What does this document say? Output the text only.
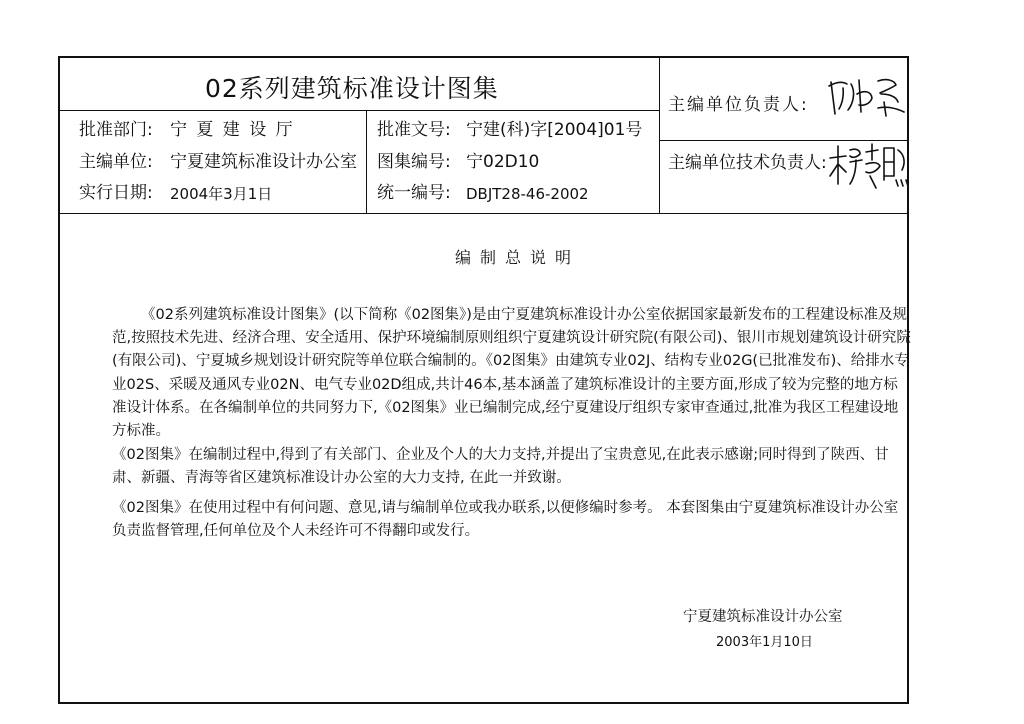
02系列建筑标准设计图集
批准部门: 宁 夏 建 设 厅
主编单位: 宁夏建筑标准设计办公室
实行日期: 2004年3月1日
批准文号: 宁建(科)字[2004]01号
图集编号: 宁02D10
统一编号: DBJT28-46-2002
主编单位负责人:
主编单位技术负责人:
编制总说明

《02系列建筑标准设计图集》(以下简称《02图集》)是由宁夏建筑标准设计办公室依据国家最新发布的工程建设标准及规范,按照技术先进、经济合理、安全适用、保护环境编制原则组织宁夏建筑设计研究院(有限公司)、银川市规划建筑设计研究院(有限公司)、宁夏城乡规划设计研究院等单位联合编制的。《02图集》由建筑专业02J、结构专业02G(已批准发布)、给排水专业02S、采暖及通风专业02N、电气专业02D组成,共计46本,基本涵盖了建筑标准设计的主要方面,形成了较为完整的地方标准设计体系。在各编制单位的共同努力下,《02图集》业已编制完成,经宁夏建设厅组织专家审查通过,批准为我区工程建设地方标准。

《02图集》在编制过程中,得到了有关部门、企业及个人的大力支持,并提出了宝贵意见,在此表示感谢;同时得到了陕西、甘肃、新疆、青海等省区建筑标准设计办公室的大力支持, 在此一并致谢。

《02图集》在使用过程中有何问题、意见,请与编制单位或我办联系,以便修编时参考。 本套图集由宁夏建筑标准设计办公室负责监督管理,任何单位及个人未经许可不得翻印或发行。

宁夏建筑标准设计办公室
2003年1月10日
